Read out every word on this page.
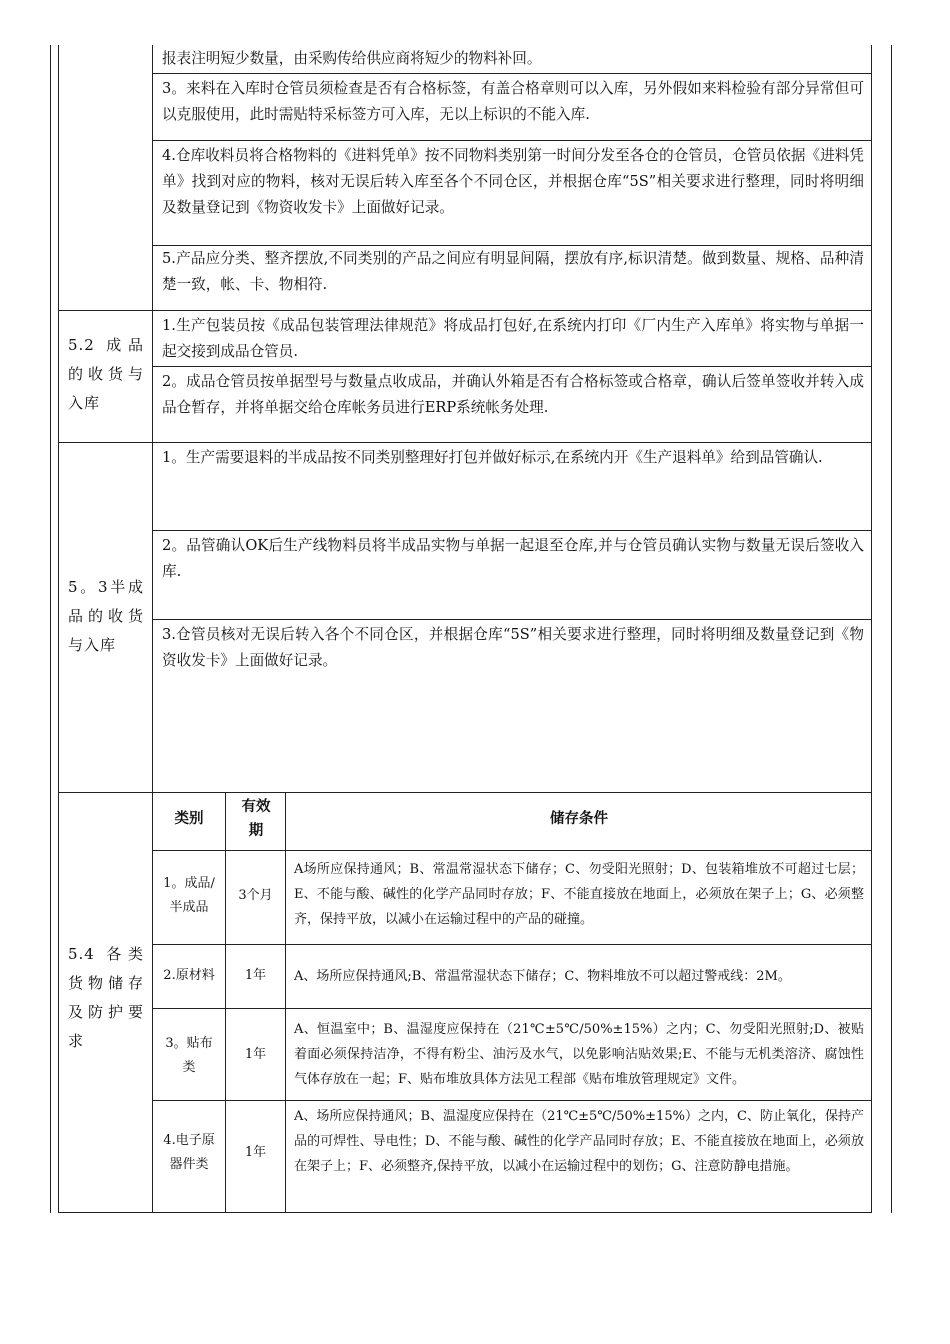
报表注明短少数量，由采购传给供应商将短少的物料补回。
3。来料在入库时仓管员须检查是否有合格标签，有盖合格章则可以入库，另外假如来料检验有部分异常但可以克服使用，此时需贴特采标签方可入库，无以上标识的不能入库.
4.仓库收料员将合格物料的《进料凭单》按不同物料类别第一时间分发至各仓的仓管员，仓管员依据《进料凭单》找到对应的物料，核对无误后转入库至各个不同仓区，并根据仓库“5S”相关要求进行整理，同时将明细及数量登记到《物资收发卡》上面做好记录。
5.产品应分类、整齐摆放,不同类别的产品之间应有明显间隔，摆放有序,标识清楚。做到数量、规格、品种清楚一致，帐、卡、物相符.
5.2 成品的收货与入库
1.生产包装员按《成品包装管理法律规范》将成品打包好,在系统内打印《厂内生产入库单》将实物与单据一起交接到成品仓管员.
2。成品仓管员按单据型号与数量点收成品，并确认外箱是否有合格标签或合格章，确认后签单签收并转入成品仓暂存，并将单据交给仓库帐务员进行ERP系统帐务处理.
5。3半成品的收货与入库
1。生产需要退料的半成品按不同类别整理好打包并做好标示,在系统内开《生产退料单》给到品管确认.
2。品管确认OK后生产线物料员将半成品实物与单据一起退至仓库,并与仓管员确认实物与数量无误后签收入库.
3.仓管员核对无误后转入各个不同仓区，并根据仓库“5S”相关要求进行整理，同时将明细及数量登记到《物资收发卡》上面做好记录。
5.4 各类货物储存及防护要求
类别
有效期
储存条件
1。成品/半成品
3个月
A场所应保持通风；B、常温常湿状态下储存；C、勿受阳光照射；D、包装箱堆放不可超过七层；E、不能与酸、碱性的化学产品同时存放；F、不能直接放在地面上，必须放在架子上；G、必须整齐，保持平放，以减小在运输过程中的产品的碰撞。
2.原材料	1年	A、场所应保持通风;B、常温常湿状态下储存；C、物料堆放不可以超过警戒线：2M。
3。贴布类
1年
A、恒温室中；B、温湿度应保持在（21℃±5℃/50%±15%）之内；C、勿受阳光照射;D、被贴着面必须保持洁净，不得有粉尘、油污及水气，以免影响沾贴效果;E、不能与无机类溶济、腐蚀性气体存放在一起；F、贴布堆放具体方法见工程部《贴布堆放管理规定》文件。
4.电子原器件类
1年
A、场所应保持通风；B、温湿度应保持在（21℃±5℃/50%±15%）之内，C、防止氧化，保持产品的可焊性、导电性；D、不能与酸、碱性的化学产品同时存放；E、不能直接放在地面上，必须放在架子上；F、必须整齐,保持平放，以减小在运输过程中的划伤；G、注意防静电措施。
